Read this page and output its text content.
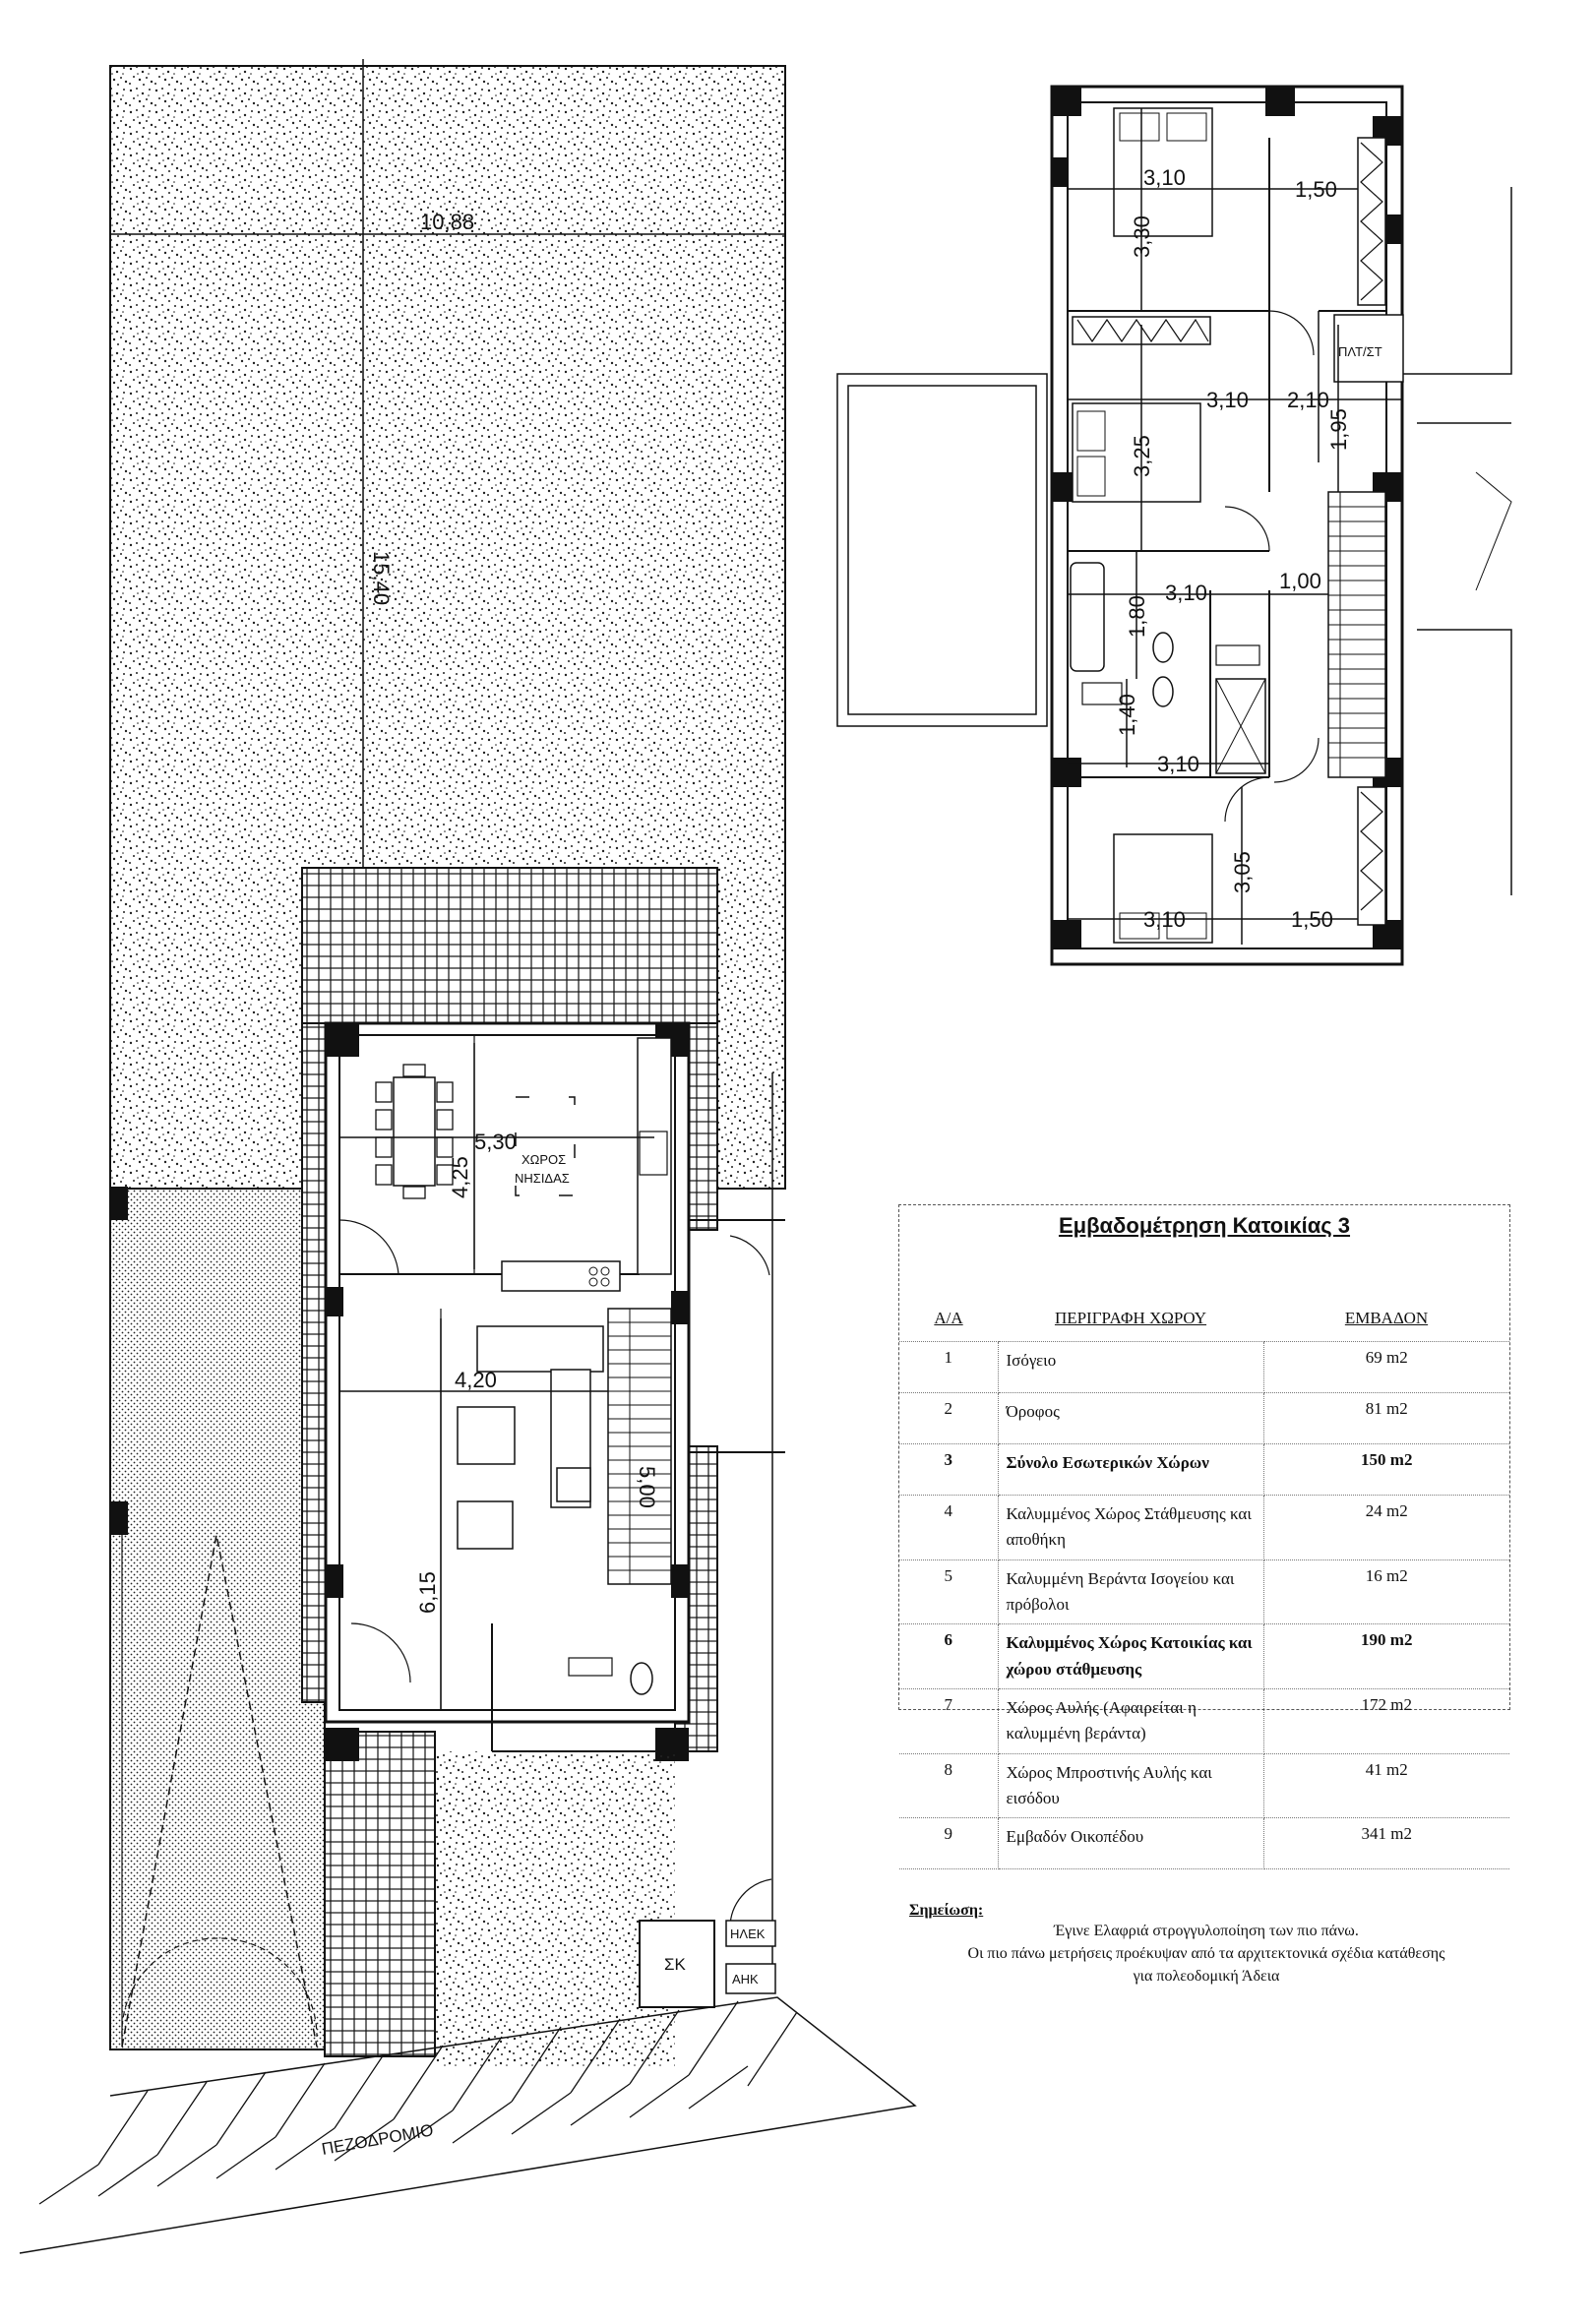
10,88
15,40
ΧΩΡΟΣ
ΝΗΣΙΔΑΣ
5,30
4,25
4,20
6,15
5,00
ΣΚ
ΗΛΕΚ
ΑΗΚ
ΠΕΖΟΔΡΟΜΙΟ
3,10	1,50
3,30
3,10 2,10
3,25
ΠΛΤ/ΣΤ
1,95
3,10	1,00
1,80
1,40
3,10
3,10	1,50
3,05
Εμβαδομέτρηση Κατοικίας 3
Α/Α	ΠΕΡΙΓΡΑΦΗ ΧΩΡΟΥ	ΕΜΒΑΔΟΝ
1	Ισόγειο	69 m2
2	Όροφος	81 m2
3	Σύνολο Εσωτερικών Χώρων	150 m2
4	Καλυμμένος Χώρος Στάθμευσης και αποθήκη	24 m2
5	Καλυμμένη Βεράντα Ισογείου και πρόβολοι	16 m2
6	Καλυμμένος Χώρος Κατοικίας και χώρου στάθμευσης	190 m2
7	Χώρος Αυλής (Αφαιρείται η καλυμμένη βεράντα)	172 m2
8	Χώρος Μπροστινής Αυλής και εισόδου	41 m2
9	Εμβαδόν Οικοπέδου	341 m2
Σημείωση:
Έγινε Ελαφριά στρογγυλοποίηση των πιο πάνω.
Οι πιο πάνω μετρήσεις προέκυψαν από τα αρχιτεκτονικά σχέδια κατάθεσης
για πολεοδομική Άδεια
